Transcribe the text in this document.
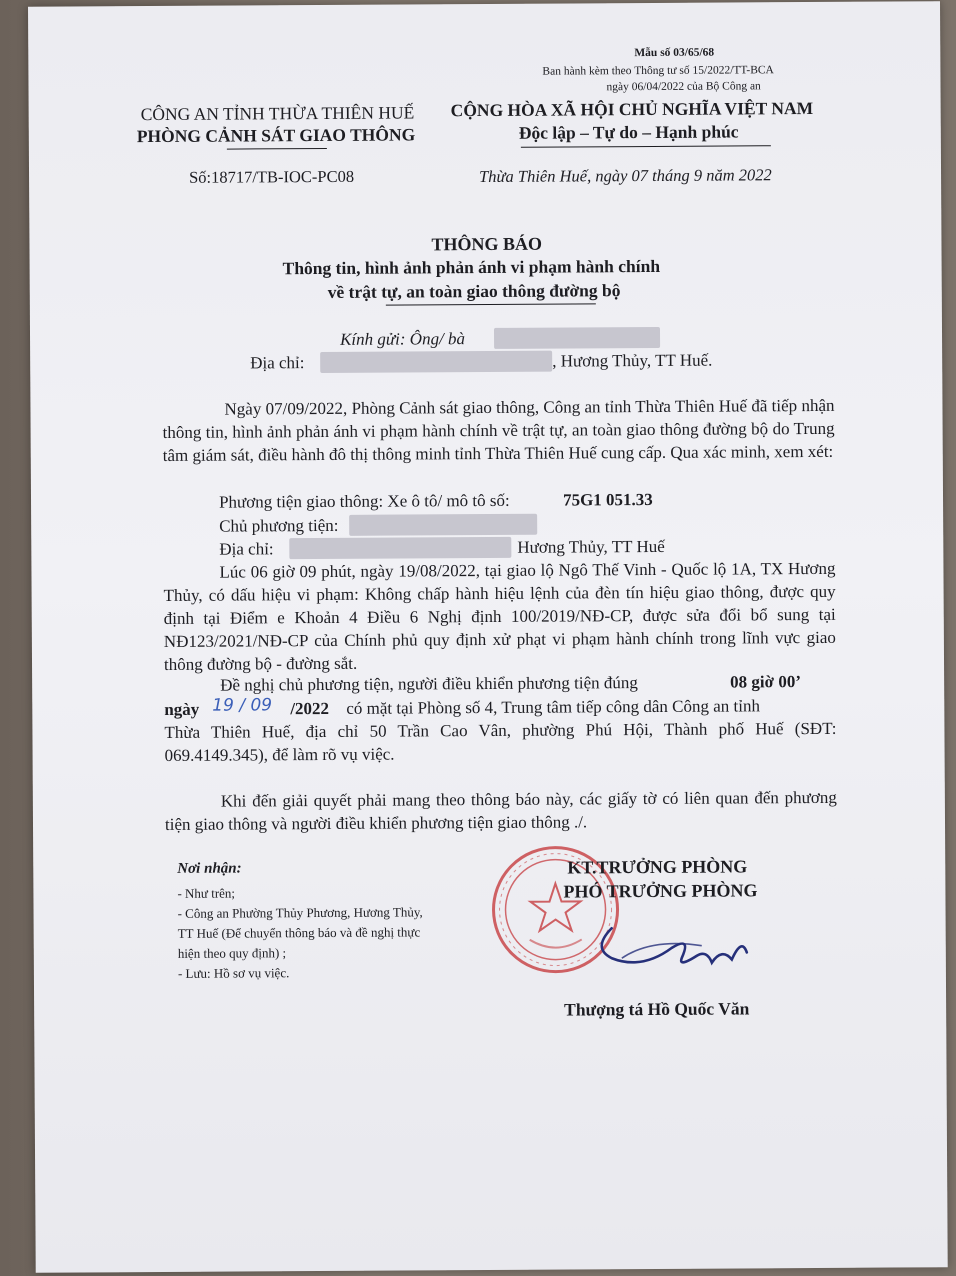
Mẫu số 03/65/68
Ban hành kèm theo Thông tư số 15/2022/TT-BCA
ngày 06/04/2022 của Bộ Công an
CÔNG AN TỈNH THỪA THIÊN HUẾ
PHÒNG CẢNH SÁT GIAO THÔNG
Số:18717/TB-IOC-PC08
CỘNG HÒA XÃ HỘI CHỦ NGHĨA VIỆT NAM
Độc lập – Tự do – Hạnh phúc
Thừa Thiên Huế, ngày 07 tháng 9 năm 2022
THÔNG BÁO
Thông tin, hình ảnh phản ánh vi phạm hành chính
về trật tự, an toàn giao thông đường bộ
Kính gửi: Ông/ bà
Địa chỉ:	, Hương Thủy, TT Huế.
Ngày 07/09/2022, Phòng Cảnh sát giao thông, Công an tỉnh Thừa Thiên Huế đã tiếp nhận thông tin, hình ảnh phản ánh vi phạm hành chính về trật tự, an toàn giao thông đường bộ do Trung tâm giám sát, điều hành đô thị thông minh tỉnh Thừa Thiên Huế cung cấp. Qua xác minh, xem xét:
Phương tiện giao thông: Xe ô tô/ mô tô số:	75G1 051.33
Chủ phương tiện:
Địa chỉ:	Hương Thủy, TT Huế
Lúc 06 giờ 09 phút, ngày 19/08/2022, tại giao lộ Ngô Thế Vinh - Quốc lộ 1A, TX Hương Thủy, có dấu hiệu vi phạm: Không chấp hành hiệu lệnh của đèn tín hiệu giao thông, được quy định tại Điểm e Khoản 4 Điều 6 Nghị định 100/2019/NĐ-CP, được sửa đổi bổ sung tại NĐ123/2021/NĐ-CP của Chính phủ quy định xử phạt vi phạm hành chính trong lĩnh vực giao thông đường bộ - đường sắt.
Đề nghị chủ phương tiện, người điều khiển phương tiện đúng	08 giờ 00’
ngày 19 / 09 /2022 có mặt tại Phòng số 4, Trung tâm tiếp công dân Công an tỉnh
Thừa Thiên Huế, địa chỉ 50 Trần Cao Vân, phường Phú Hội, Thành phố Huế (SĐT: 069.4149.345), để làm rõ vụ việc.
Khi đến giải quyết phải mang theo thông báo này, các giấy tờ có liên quan đến phương tiện giao thông và người điều khiển phương tiện giao thông ./.
Nơi nhận:
- Như trên;
- Công an Phường Thủy Phương, Hương Thủy,
TT Huế (Để chuyển thông báo và đề nghị thực
hiện theo quy định) ;
- Lưu: Hồ sơ vụ việc.
KT.TRƯỞNG PHÒNG
PHÓ TRƯỞNG PHÒNG
Thượng tá Hồ Quốc Văn
